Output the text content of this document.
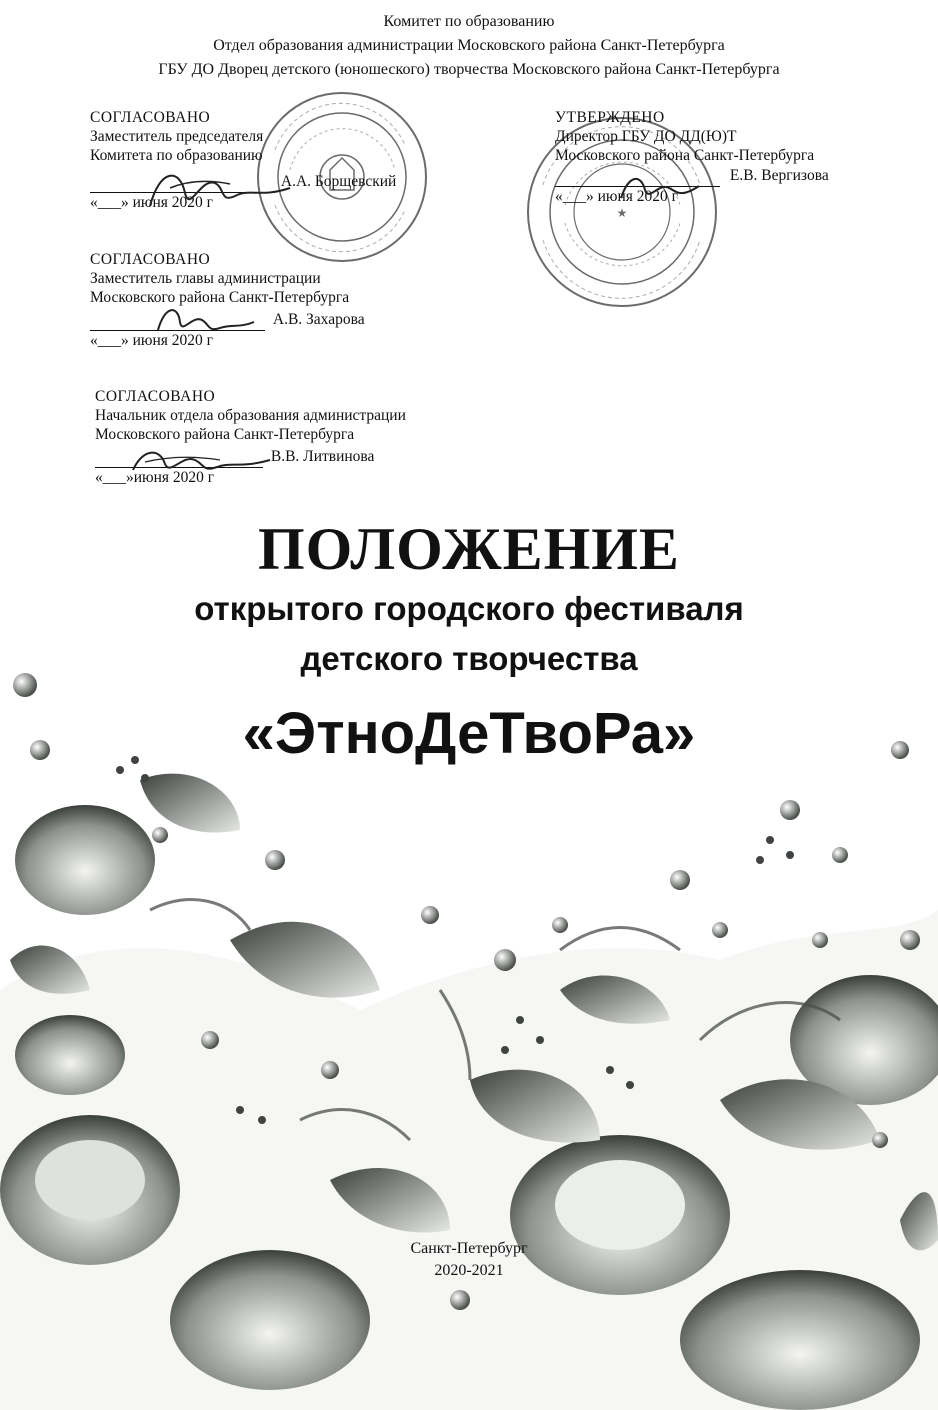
Комитет по образованию
Отдел образования администрации Московского района Санкт-Петербурга
ГБУ ДО Дворец детского (юношеского) творчества Московского района Санкт-Петербурга
★
СОГЛАСОВАНО
Заместитель председателя
Комитета по образованию
А.А. Борщевский
«___» июня 2020 г
СОГЛАСОВАНО
Заместитель главы администрации
Московского района Санкт-Петербурга
А.В. Захарова
«___» июня 2020 г
СОГЛАСОВАНО
Начальник отдела образования администрации
Московского района Санкт-Петербурга
В.В. Литвинова
«___»июня 2020 г
УТВЕРЖДЕНО
Директор ГБУ ДО ДД(Ю)Т
Московского района Санкт-Петербурга
Е.В. Вергизова
«___» июня 2020 г
ПОЛОЖЕНИЕ
открытого городского фестиваля
детского творчества
«ЭтноДеТвоРа»
Санкт-Петербург
2020-2021
